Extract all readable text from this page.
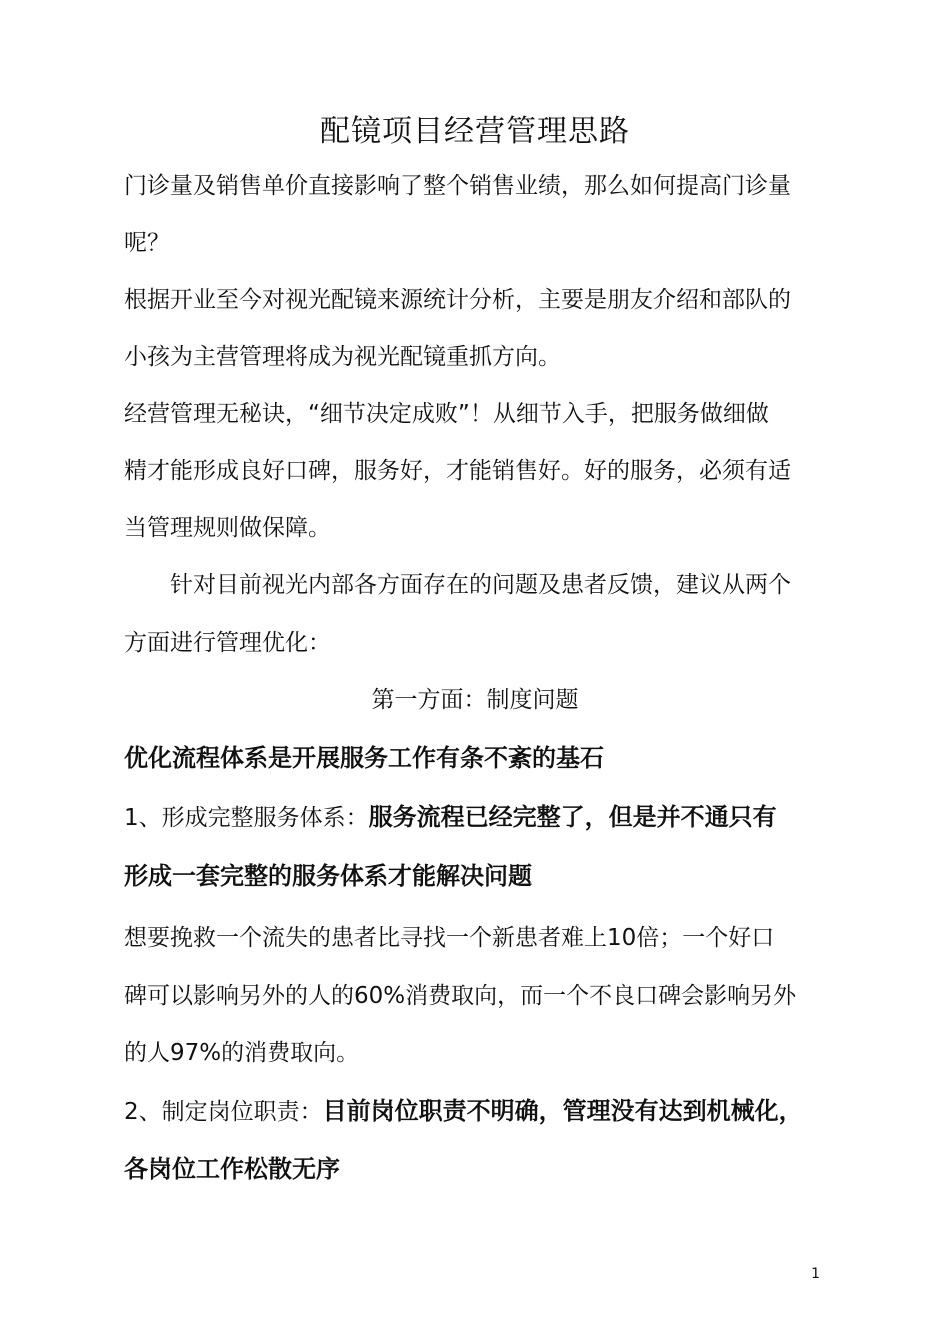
配镜项目经营管理思路

门诊量及销售单价直接影响了整个销售业绩，那么如何提高门诊量

呢？

根据开业至今对视光配镜来源统计分析，主要是朋友介绍和部队的

小孩为主营管理将成为视光配镜重抓方向。

经营管理无秘诀，“细节决定成败”！从细节入手，把服务做细做

精才能形成良好口碑，服务好，才能销售好。好的服务，必须有适

当管理规则做保障。

　　针对目前视光内部各方面存在的问题及患者反馈，建议从两个

方面进行管理优化：

第一方面：制度问题

优化流程体系是开展服务工作有条不紊的基石

1、形成完整服务体系：服务流程已经完整了，但是并不通只有

形成一套完整的服务体系才能解决问题

想要挽救一个流失的患者比寻找一个新患者难上10倍；一个好口

碑可以影响另外的人的60%消费取向，而一个不良口碑会影响另外

的人97%的消费取向。

2、制定岗位职责：目前岗位职责不明确，管理没有达到机械化，

各岗位工作松散无序

1
